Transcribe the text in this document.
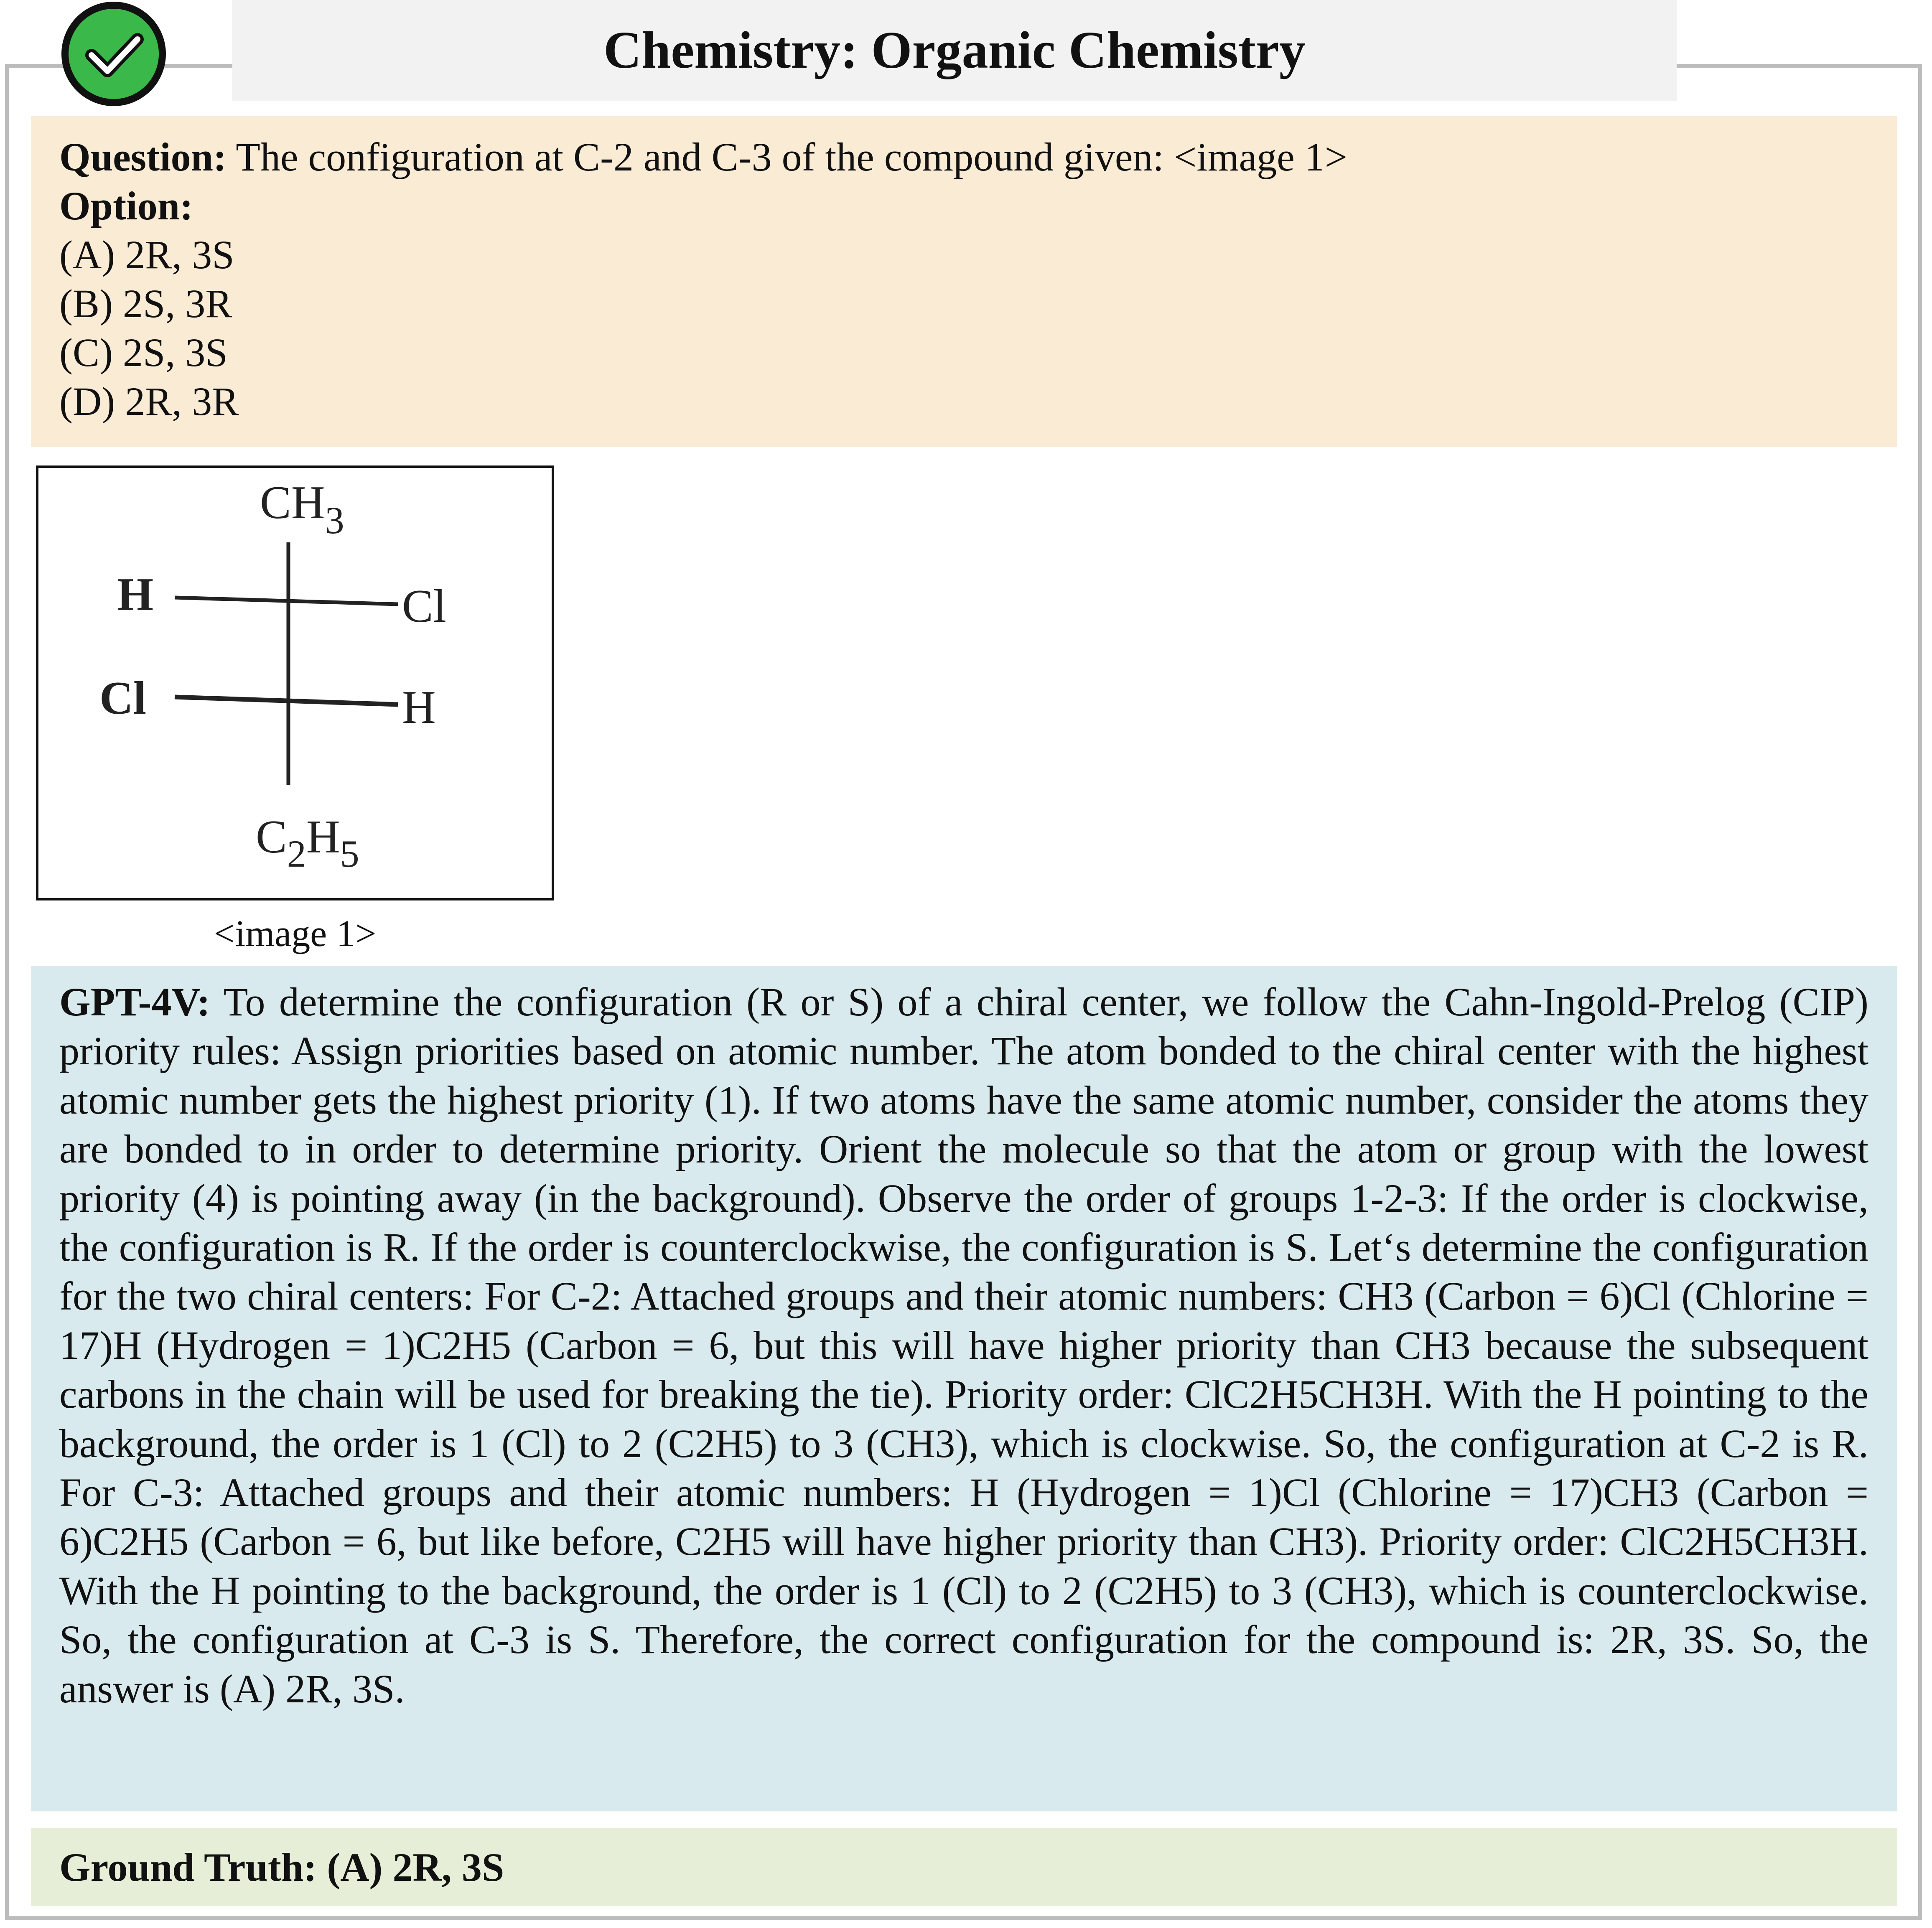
Chemistry: Organic Chemistry
Question: The configuration at C-2 and C-3 of the compound given: <image 1>
Option:
(A) 2R, 3S
(B) 2S, 3R
(C) 2S, 3S
(D) 2R, 3R
$CH_3$
H	Cl
Cl	H
$C_2H_5$
<image 1>
GPT-4V: To determine the configuration (R or S) of a chiral center, we follow the Cahn-Ingold-Prelog (CIP) priority rules: Assign priorities based on atomic number. The atom bonded to the chiral center with the highest atomic number gets the highest priority (1). If two atoms have the same atomic number, consider the atoms they are bonded to in order to determine priority. Orient the molecule so that the atom or group with the lowest priority (4) is pointing away (in the background). Observe the order of groups 1-2-3: If the order is clockwise, the configuration is R. If the order is counterclockwise, the configuration is S. Let‘s determine the configuration for the two chiral centers: For C-2: Attached groups and their atomic numbers: CH3 (Carbon = 6)Cl (Chlorine = 17)H (Hydrogen = 1)C2H5 (Carbon = 6, but this will have higher priority than CH3 because the subsequent carbons in the chain will be used for breaking the tie). Priority order: ClC2H5CH3H. With the H pointing to the background, the order is 1 (Cl) to 2 (C2H5) to 3 (CH3), which is clockwise. So, the configuration at C-2 is R. For C-3: Attached groups and their atomic numbers: H (Hydrogen = 1)Cl (Chlorine = 17)CH3 (Carbon = 6)C2H5 (Carbon = 6, but like before, C2H5 will have higher priority than CH3). Priority order: ClC2H5CH3H. With the H pointing to the background, the order is 1 (Cl) to 2 (C2H5) to 3 (CH3), which is counterclockwise. So, the configuration at C-3 is S. Therefore, the correct configuration for the compound is: 2R, 3S. So, the answer is (A) 2R, 3S.
Ground Truth: (A) 2R, 3S
